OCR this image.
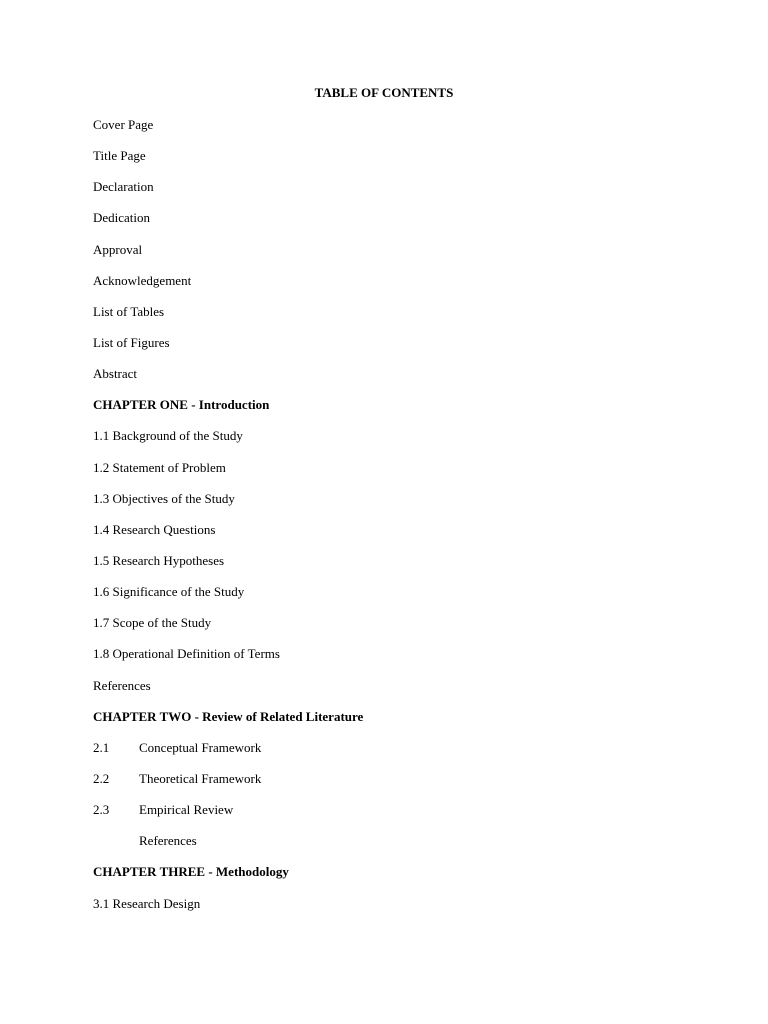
TABLE OF CONTENTS
Cover Page
Title Page
Declaration
Dedication
Approval
Acknowledgement
List of Tables
List of Figures
Abstract
CHAPTER ONE - Introduction
1.1 Background of the Study
1.2 Statement of Problem
1.3 Objectives of the Study
1.4 Research Questions
1.5 Research Hypotheses
1.6 Significance of the Study
1.7 Scope of the Study
1.8 Operational Definition of Terms
References
CHAPTER TWO - Review of Related Literature
2.1 Conceptual Framework
2.2 Theoretical Framework
2.3 Empirical Review
References
CHAPTER THREE - Methodology
3.1 Research Design
